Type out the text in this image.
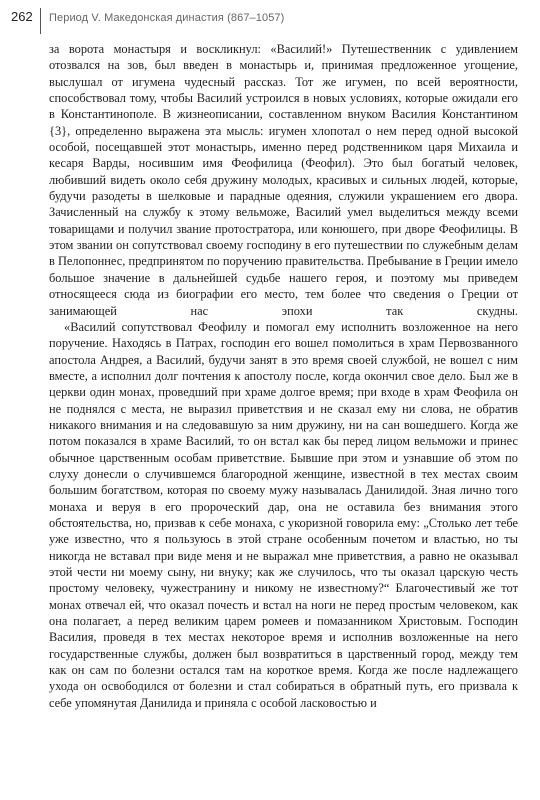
262 Период V. Македонская династия (867–1057)

за ворота монастыря и воскликнул: «Василий!» Путешественник с удивлением отозвался на зов, был введен в монастырь и, принимая предложенное угощение, выслушал от игумена чудесный рассказ. Тот же игумен, по всей вероятности, способствовал тому, чтобы Василий устроился в новых условиях, которые ожидали его в Константинополе. В жизнеописании, составленном внуком Василия Константином {3}, определенно выражена эта мысль: игумен хлопотал о нем перед одной высокой особой, посещавшей этот монастырь, именно перед родственником царя Михаила и кесаря Варды, носившим имя Феофилица (Феофил). Это был богатый человек, любивший видеть около себя дружину молодых, красивых и сильных людей, которые, будучи разодеты в шелковые и парадные одеяния, служили украшением его двора. Зачисленный на службу к этому вельможе, Василий умел выделиться между всеми товарищами и получил звание протостратора, или конюшего, при дворе Феофилицы. В этом звании он сопутствовал своему господину в его путешествии по служебным делам в Пелопоннес, предпринятом по поручению правительства. Пребывание в Греции имело большое значение в дальнейшей судьбе нашего героя, и поэтому мы приведем относящееся сюда из биографии его место, тем более что сведения о Греции от занимающей нас эпохи так скудны.

«Василий сопутствовал Феофилу и помогал ему исполнить возложенное на него поручение. Находясь в Патрах, господин его вошел помолиться в храм Первозванного апостола Андрея, а Василий, будучи занят в это время своей службой, не вошел с ним вместе, а исполнил долг почтения к апостолу после, когда окончил свое дело. Был же в церкви один монах, проведший при храме долгое время; при входе в храм Феофила он не поднялся с места, не выразил приветствия и не сказал ему ни слова, не обратив никакого внимания и на следовавшую за ним дружину, ни на сан вошедшего. Когда же потом показался в храме Василий, то он встал как бы перед лицом вельможи и принес обычное царственным особам приветствие. Бывшие при этом и узнавшие об этом по слуху донесли о случившемся благородной женщине, известной в тех местах своим большим богатством, которая по своему мужу называлась Данилидой. Зная лично того монаха и веруя в его пророческий дар, она не оставила без внимания этого обстоятельства, но, призвав к себе монаха, с укоризной говорила ему: „Столько лет тебе уже известно, что я пользуюсь в этой стране особенным почетом и властью, но ты никогда не вставал при виде меня и не выражал мне приветствия, а равно не оказывал этой чести ни моему сыну, ни внуку; как же случилось, что ты оказал царскую честь простому человеку, чужестранину и никому не известному?“ Благочестивый же тот монах отвечал ей, что оказал почесть и встал на ноги не перед простым человеком, как она полагает, а перед великим царем ромеев и помазанником Христовым. Господин Василия, проведя в тех местах некоторое время и исполнив возложенные на него государственные службы, должен был возвратиться в царственный город, между тем как он сам по болезни остался там на короткое время. Когда же после надлежащего ухода он освободился от болезни и стал собираться в обратный путь, его призвала к себе упомянутая Данилида и приняла с особой ласковостью и
